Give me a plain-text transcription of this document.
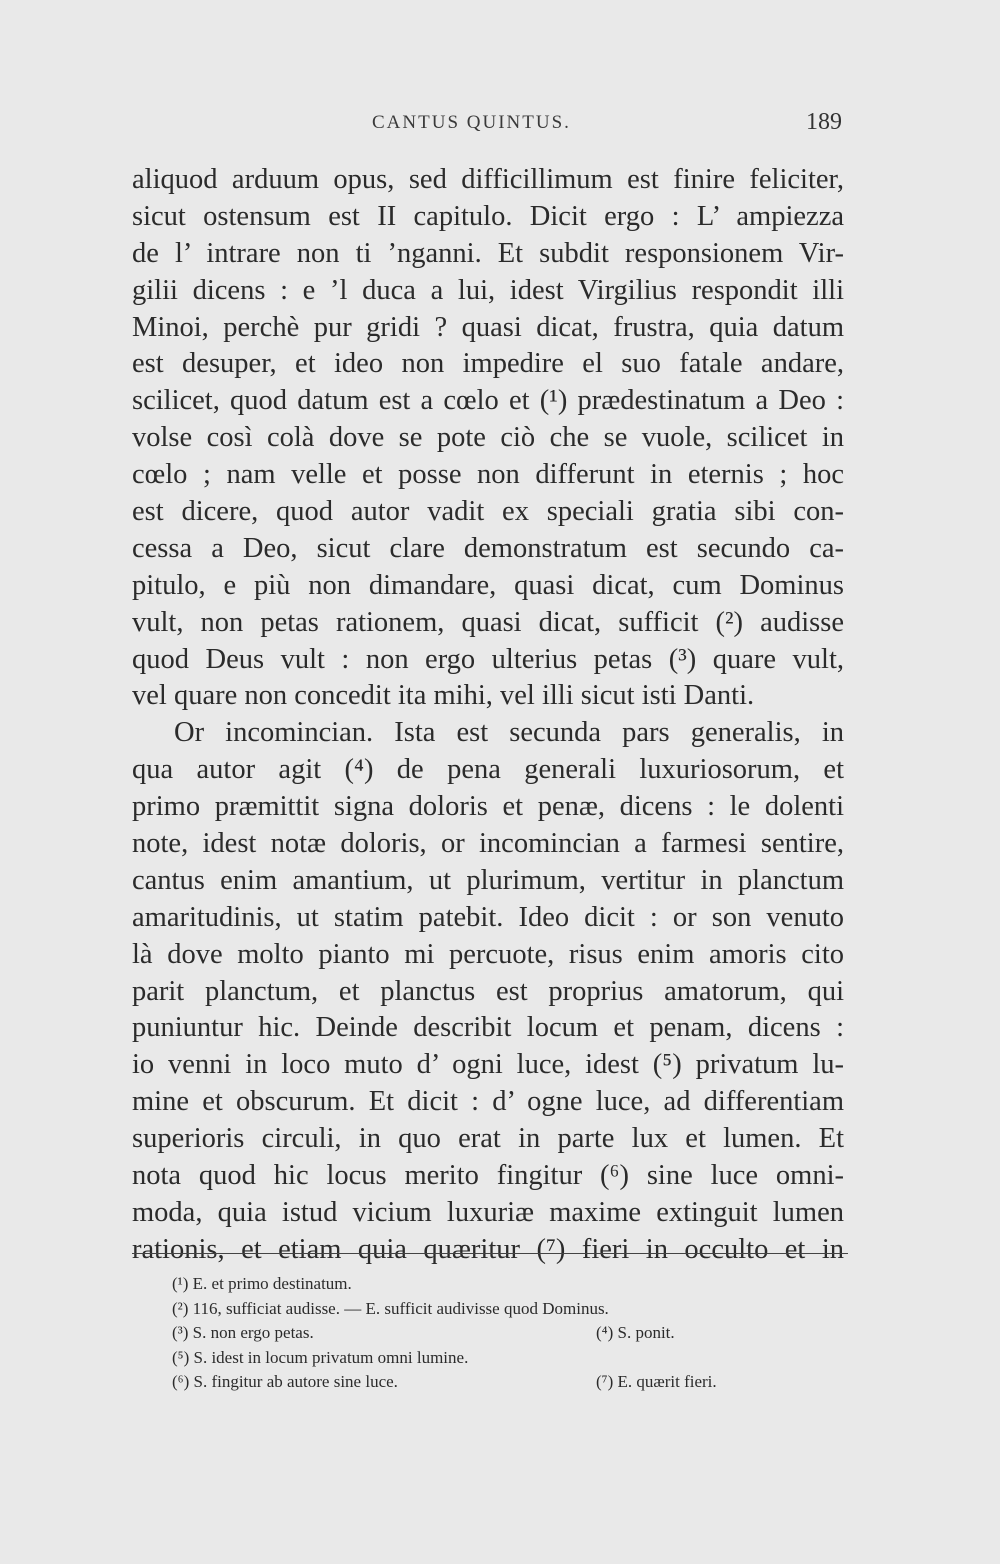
CANTUS QUINTUS.	189
aliquod arduum opus, sed difficillimum est finire feliciter,
sicut ostensum est II capitulo. Dicit ergo : L’ ampiezza
de l’ intrare non ti ’nganni. Et subdit responsionem Vir-
gilii dicens : e ’l duca a lui, idest Virgilius respondit illi
Minoi, perchè pur gridi ? quasi dicat, frustra, quia datum
est desuper, et ideo non impedire el suo fatale andare,
scilicet, quod datum est a cœlo et (¹) prædestinatum a Deo :
volse così colà dove se pote ciò che se vuole, scilicet in
cœlo ; nam velle et posse non differunt in eternis ; hoc
est dicere, quod autor vadit ex speciali gratia sibi con-
cessa a Deo, sicut clare demonstratum est secundo ca-
pitulo, e più non dimandare, quasi dicat, cum Dominus
vult, non petas rationem, quasi dicat, sufficit (²) audisse
quod Deus vult : non ergo ulterius petas (³) quare vult,
vel quare non concedit ita mihi, vel illi sicut isti Danti.
Or incomincian. Ista est secunda pars generalis, in
qua autor agit (⁴) de pena generali luxuriosorum, et
primo præmittit signa doloris et penæ, dicens : le dolenti
note, idest notæ doloris, or incomincian a farmesi sentire,
cantus enim amantium, ut plurimum, vertitur in planctum
amaritudinis, ut statim patebit. Ideo dicit : or son venuto
là dove molto pianto mi percuote, risus enim amoris cito
parit planctum, et planctus est proprius amatorum, qui
puniuntur hic. Deinde describit locum et penam, dicens :
io venni in loco muto d’ ogni luce, idest (⁵) privatum lu-
mine et obscurum. Et dicit : d’ ogne luce, ad differentiam
superioris circuli, in quo erat in parte lux et lumen. Et
nota quod hic locus merito fingitur (⁶) sine luce omni-
moda, quia istud vicium luxuriæ maxime extinguit lumen
rationis, et etiam quia quæritur (⁷) fieri in occulto et in
(¹) E. et primo destinatum.
(²) 116, sufficiat audisse. — E. sufficit audivisse quod Dominus.
(³) S. non ergo petas.	(⁴) S. ponit.
(⁵) S. idest in locum privatum omni lumine.
(⁶) S. fingitur ab autore sine luce.	(⁷) E. quærit fieri.
